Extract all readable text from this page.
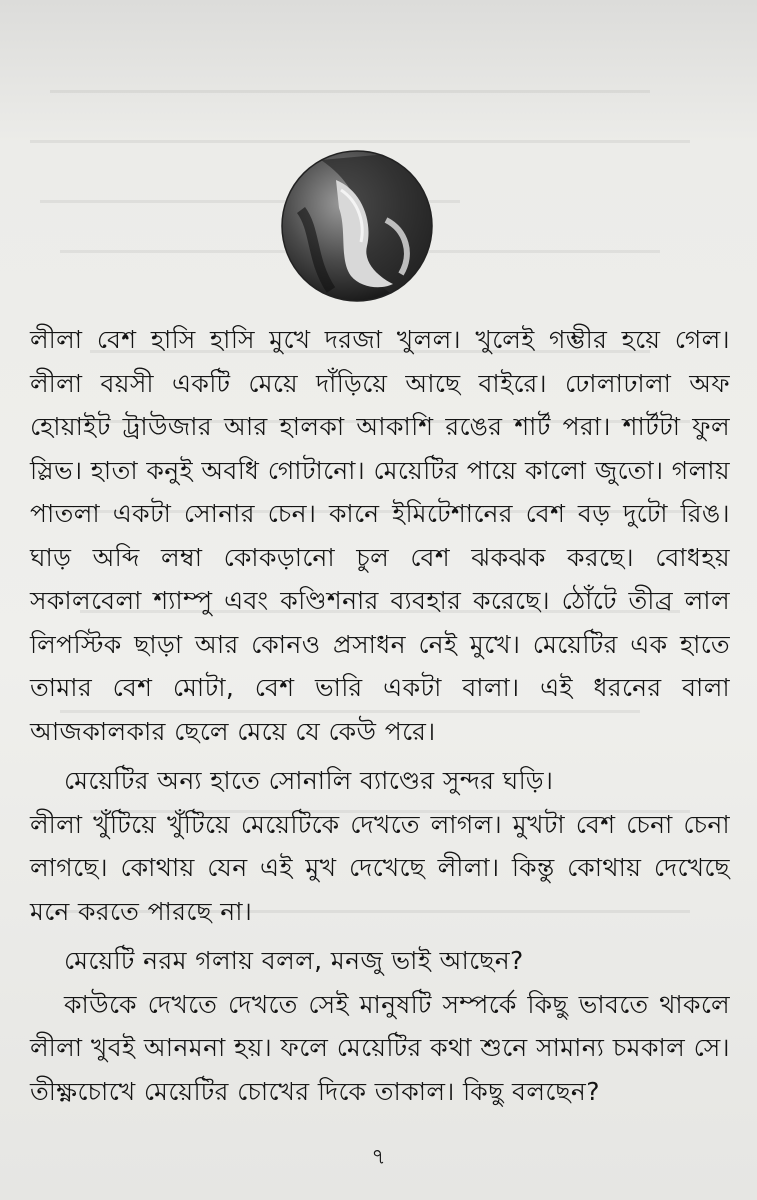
লীলা বেশ হাসি হাসি মুখে দরজা খুলল। খুলেই গম্ভীর হয়ে গেল। লীলা বয়সী একটি মেয়ে দাঁড়িয়ে আছে বাইরে। ঢোলাঢালা অফ হোয়াইট ট্রাউজার আর হালকা আকাশি রঙের শার্ট পরা। শার্টটা ফুল স্লিভ। হাতা কনুই অবধি গোটানো। মেয়েটির পায়ে কালো জুতো। গলায় পাতলা একটা সোনার চেন। কানে ইমিটেশানের বেশ বড় দুটো রিঙ। ঘাড় অব্দি লম্বা কোকড়ানো চুল বেশ ঝকঝক করছে। বোধহয় সকালবেলা শ্যাম্পু এবং কণ্ডিশনার ব্যবহার করেছে। ঠোঁটে তীব্র লাল লিপস্টিক ছাড়া আর কোনও প্রসাধন নেই মুখে। মেয়েটির এক হাতে তামার বেশ মোটা, বেশ ভারি একটা বালা। এই ধরনের বালা আজকালকার ছেলে মেয়ে যে কেউ পরে।

মেয়েটির অন্য হাতে সোনালি ব্যাণ্ডের সুন্দর ঘড়ি।

লীলা খুঁটিয়ে খুঁটিয়ে মেয়েটিকে দেখতে লাগল। মুখটা বেশ চেনা চেনা লাগছে। কোথায় যেন এই মুখ দেখেছে লীলা। কিন্তু কোথায় দেখেছে মনে করতে পারছে না।

মেয়েটি নরম গলায় বলল, মনজু ভাই আছেন?

কাউকে দেখতে দেখতে সেই মানুষটি সম্পর্কে কিছু ভাবতে থাকলে লীলা খুবই আনমনা হয়। ফলে মেয়েটির কথা শুনে সামান্য চমকাল সে। তীক্ষ্ণচোখে মেয়েটির চোখের দিকে তাকাল। কিছু বলছেন?

৭
